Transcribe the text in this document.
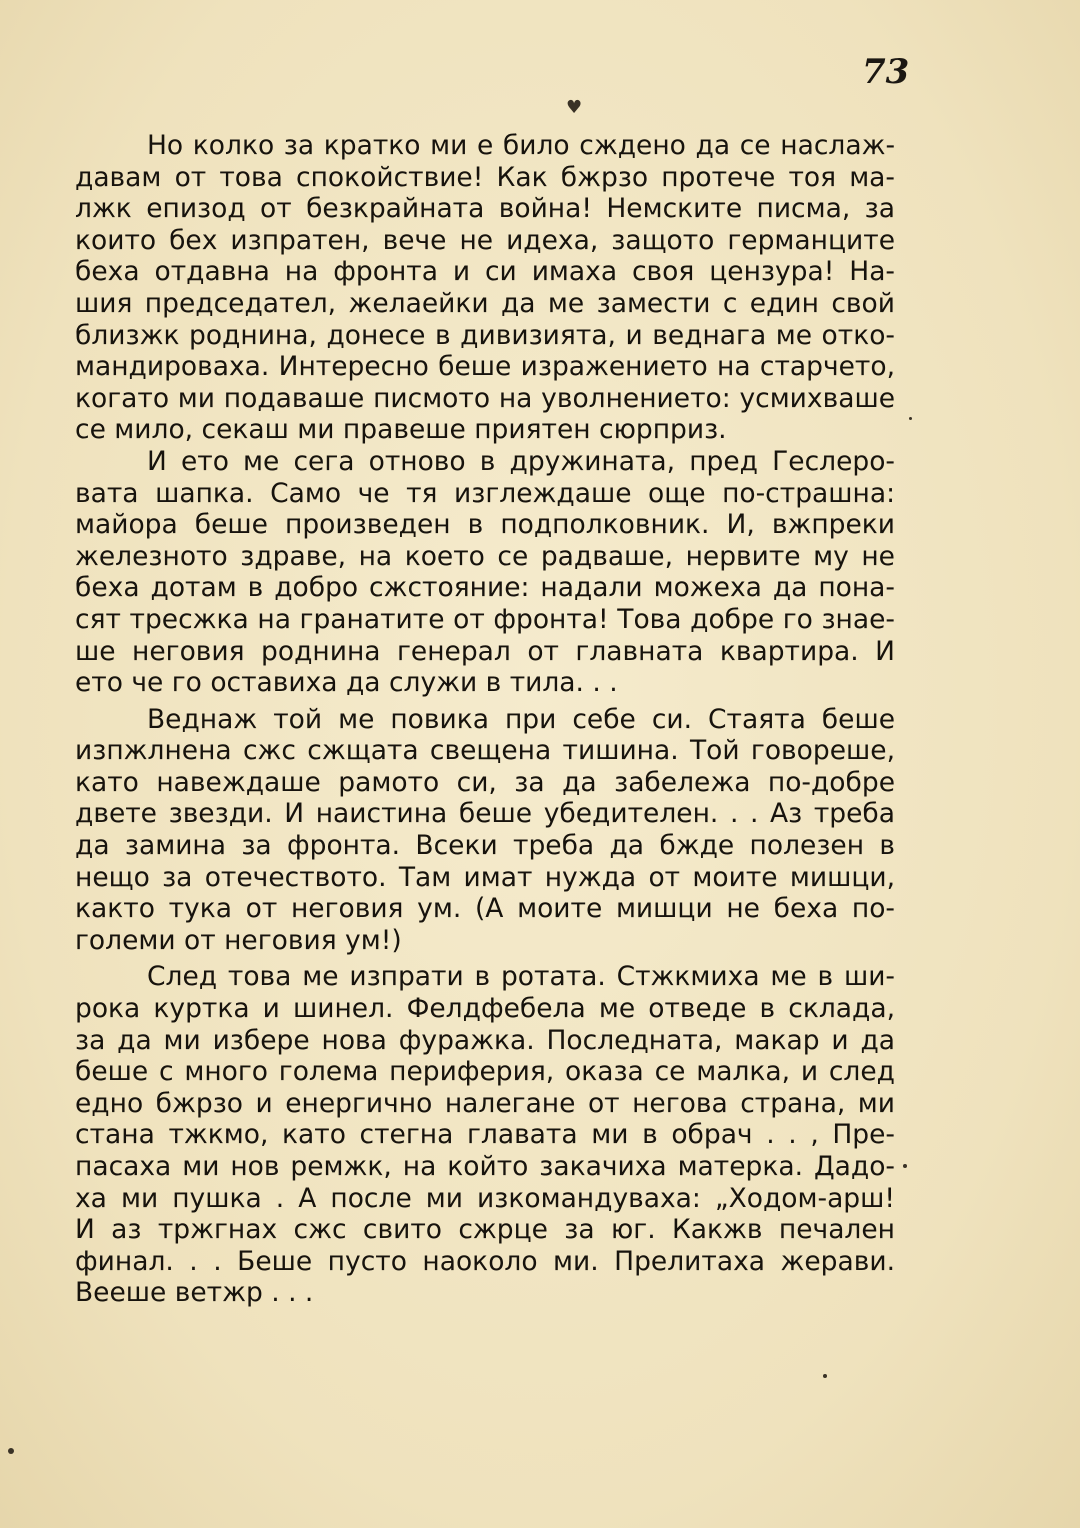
73
♥
Но колко за кратко ми е било сждено да се наслаж-
давам от това спокойствие! Как бжрзо протече тоя ма-
лжк епизод от безкрайната война! Немските писма, за
които бех изпратен, вече не идеха, защото германците
беха отдавна на фронта и си имаха своя цензура! На-
шия председател, желаейки да ме замести с един свой
близжк роднина, донесе в дивизията, и веднага ме отко-
мандироваха. Интересно беше изражението на старчето,
когато ми подаваше писмото на уволнението: усмихваше
се мило, секаш ми правеше приятен сюрприз.
И ето ме сега отново в дружината, пред Геслеро-
вата шапка. Само че тя изглеждаше още по-страшна:
майора беше произведен в подполковник. И, вжпреки
железното здраве, на което се радваше, нервите му не
беха дотам в добро сжстояние: надали можеха да пона-
сят тресжка на гранатите от фронта! Това добре го знае-
ше неговия роднина генерал от главната квартира. И
ето че го оставиха да служи в тила. . .
Веднаж той ме повика при себе си. Стаята беше
изпжлнена сжс сжщата свещена тишина. Той говореше,
като навеждаше рамото си, за да забележа по-добре
двете звезди. И наистина беше убедителен. . . Аз треба
да замина за фронта. Всеки треба да бжде полезен в
нещо за отечеството. Там имат нужда от моите мишци,
както тука от неговия ум. (А моите мишци не беха по-
големи от неговия ум!)
След това ме изпрати в ротата. Стжкмиха ме в ши-
рока куртка и шинел. Фелдфебела ме отведе в склада,
за да ми избере нова фуражка. Последната, макар и да
беше с много голема периферия, оказа се малка, и след
едно бжрзо и енергично налегане от негова страна, ми
стана тжкмо, като стегна главата ми в обрач . . , Пре-
пасаха ми нов ремжк, на който закачиха матерка. Дадо-
ха ми пушка . А после ми изкомандуваха: „Ходом-арш!
И аз тржгнах сжс свито сжрце за юг. Какжв печален
финал. . . Беше пусто наоколо ми. Прелитаха жерави.
Вееше ветжр . . .
